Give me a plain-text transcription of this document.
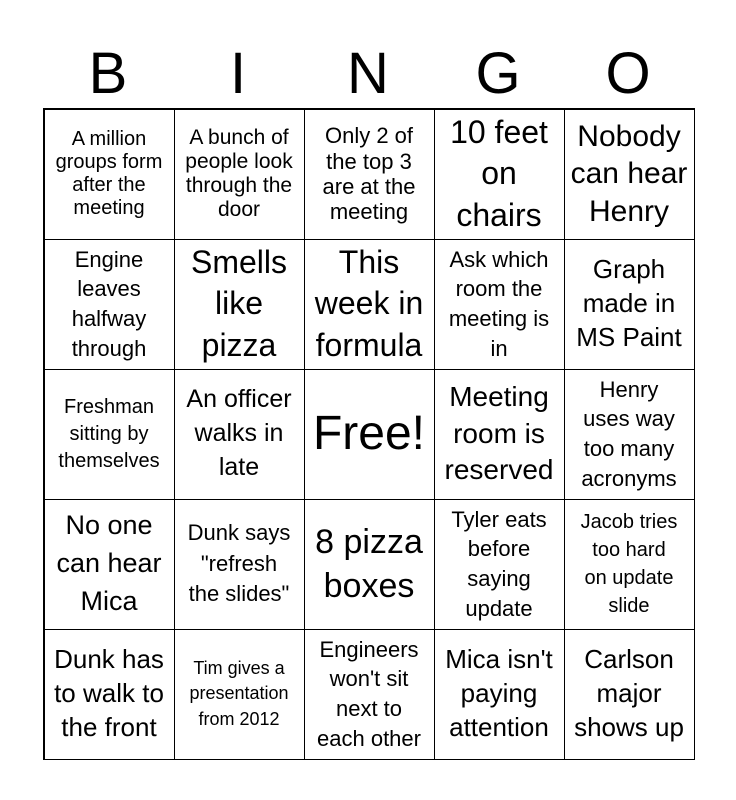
B	I	N	G	O
A million
groups form
after the
meeting
A bunch of
people look
through the
door
Only 2 of
the top 3
are at the
meeting
10 feet
on
chairs
Nobody
can hear
Henry
Engine
leaves
halfway
through
Smells
like
pizza
This
week in
formula
Ask which
room the
meeting is
in
Graph
made in
MS Paint
Freshman
sitting by
themselves
An officer
walks in
late
Free!
Meeting
room is
reserved
Henry
uses way
too many
acronyms
No one
can hear
Mica
Dunk says
"refresh
the slides"
8 pizza
boxes
Tyler eats
before
saying
update
Jacob tries
too hard
on update
slide
Dunk has
to walk to
the front
Tim gives a
presentation
from 2012
Engineers
won't sit
next to
each other
Mica isn't
paying
attention
Carlson
major
shows up
